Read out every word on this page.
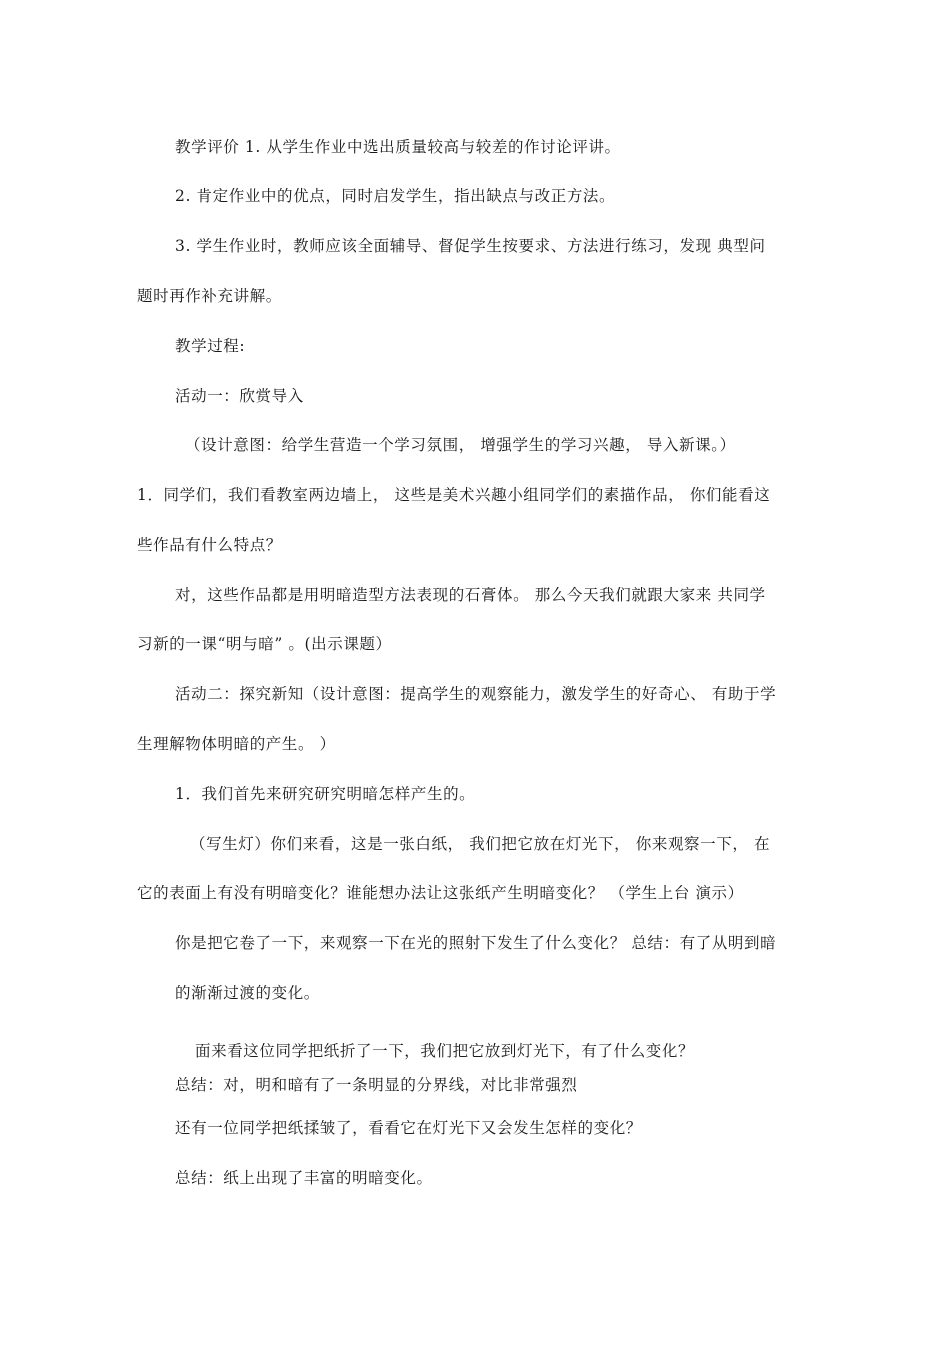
教学评价 1. 从学生作业中选出质量较高与较差的作讨论评讲。
2. 肯定作业中的优点，同时启发学生，指出缺点与改正方法。
3. 学生作业时，教师应该全面辅导、督促学生按要求、方法进行练习，发现 典型问
题时再作补充讲解。
教学过程:
活动一：欣赏导入
（设计意图：给学生营造一个学习氛围， 增强学生的学习兴趣， 导入新课。）
1．同学们，我们看教室两边墙上， 这些是美术兴趣小组同学们的素描作品， 你们能看这
些作品有什么特点？
对，这些作品都是用明暗造型方法表现的石膏体。 那么今天我们就跟大家来 共同学
习新的一课“明与暗” 。(出示课题）
活动二：探究新知（设计意图：提高学生的观察能力，激发学生的好奇心、 有助于学
生理解物体明暗的产生。 ）
1．我们首先来研究研究明暗怎样产生的。
（写生灯）你们来看，这是一张白纸， 我们把它放在灯光下， 你来观察一下， 在
它的表面上有没有明暗变化？谁能想办法让这张纸产生明暗变化？ （学生上台 演示）
你是把它卷了一下，来观察一下在光的照射下发生了什么变化？ 总结：有了从明到暗
的渐渐过渡的变化。
面来看这位同学把纸折了一下，我们把它放到灯光下，有了什么变化？
总结：对，明和暗有了一条明显的分界线，对比非常强烈
还有一位同学把纸揉皱了，看看它在灯光下又会发生怎样的变化？
总结：纸上出现了丰富的明暗变化。
